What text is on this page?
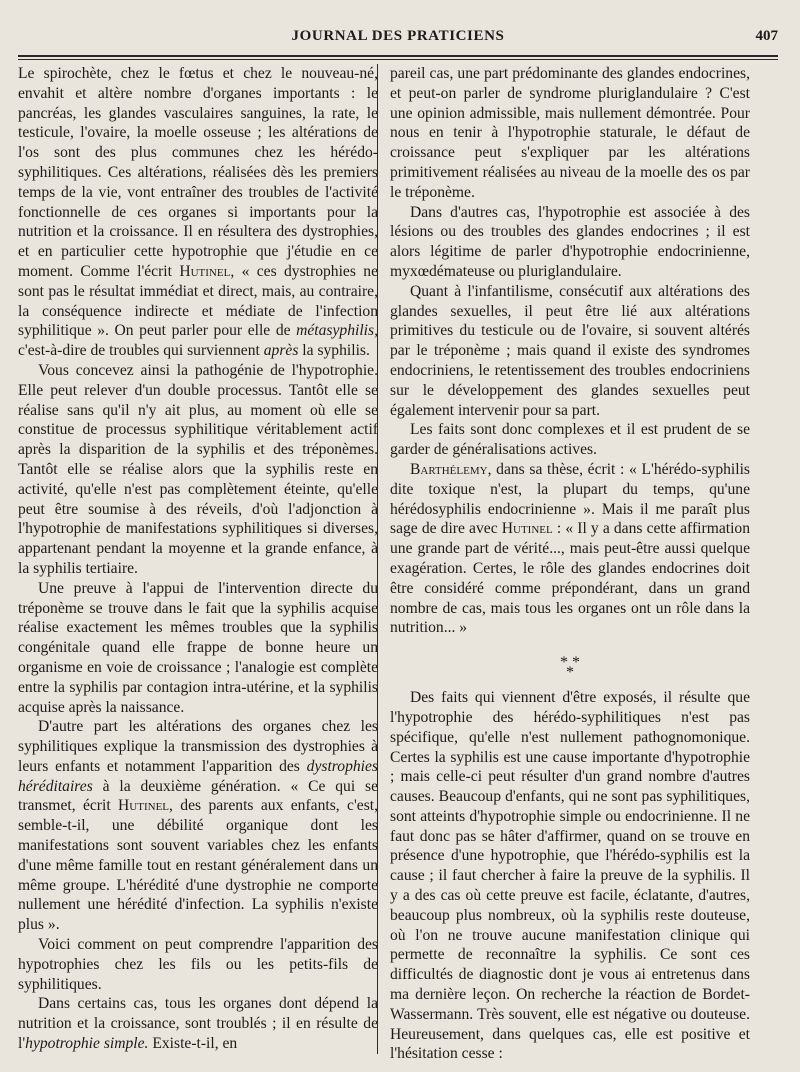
JOURNAL DES PRATICIENS	407

Le spirochète, chez le fœtus et chez le nouveau-né, envahit et altère nombre d'organes importants : le pancréas, les glandes vasculaires sanguines, la rate, le testicule, l'ovaire, la moelle osseuse ; les altérations de l'os sont des plus communes chez les hérédo-syphilitiques. Ces altérations, réalisées dès les premiers temps de la vie, vont entraîner des troubles de l'activité fonctionnelle de ces organes si importants pour la nutrition et la croissance. Il en résultera des dystrophies, et en particulier cette hypotrophie que j'étudie en ce moment. Comme l'écrit Hutinel, « ces dystrophies ne sont pas le résultat immédiat et direct, mais, au contraire, la conséquence indirecte et médiate de l'infection syphilitique ». On peut parler pour elle de métasyphilis, c'est-à-dire de troubles qui surviennent après la syphilis.

Vous concevez ainsi la pathogénie de l'hypotrophie. Elle peut relever d'un double processus. Tantôt elle se réalise sans qu'il n'y ait plus, au moment où elle se constitue de processus syphilitique véritablement actif après la disparition de la syphilis et des tréponèmes. Tantôt elle se réalise alors que la syphilis reste en activité, qu'elle n'est pas complètement éteinte, qu'elle peut être soumise à des réveils, d'où l'adjonction à l'hypotrophie de manifestations syphilitiques si diverses, appartenant pendant la moyenne et la grande enfance, à la syphilis tertiaire.

Une preuve à l'appui de l'intervention directe du tréponème se trouve dans le fait que la syphilis acquise réalise exactement les mêmes troubles que la syphilis congénitale quand elle frappe de bonne heure un organisme en voie de croissance ; l'analogie est complète entre la syphilis par contagion intra-utérine, et la syphilis acquise après la naissance.

D'autre part les altérations des organes chez les syphilitiques explique la transmission des dystrophies à leurs enfants et notamment l'apparition des dystrophies héréditaires à la deuxième génération. « Ce qui se transmet, écrit Hutinel, des parents aux enfants, c'est, semble-t-il, une débilité organique dont les manifestations sont souvent variables chez les enfants d'une même famille tout en restant généralement dans un même groupe. L'hérédité d'une dystrophie ne comporte nullement une hérédité d'infection. La syphilis n'existe plus ».

Voici comment on peut comprendre l'apparition des hypotrophies chez les fils ou les petits-fils de syphilitiques.

Dans certains cas, tous les organes dont dépend la nutrition et la croissance, sont troublés ; il en résulte de l'hypotrophie simple. Existe-t-il, en

pareil cas, une part prédominante des glandes endocrines, et peut-on parler de syndrome pluriglandulaire ? C'est une opinion admissible, mais nullement démontrée. Pour nous en tenir à l'hypotrophie staturale, le défaut de croissance peut s'expliquer par les altérations primitivement réalisées au niveau de la moelle des os par le tréponème.

Dans d'autres cas, l'hypotrophie est associée à des lésions ou des troubles des glandes endocrines ; il est alors légitime de parler d'hypotrophie endocrinienne, myxœdémateuse ou pluriglandulaire.

Quant à l'infantilisme, consécutif aux altérations des glandes sexuelles, il peut être lié aux altérations primitives du testicule ou de l'ovaire, si souvent altérés par le tréponème ; mais quand il existe des syndromes endocriniens, le retentissement des troubles endocriniens sur le développement des glandes sexuelles peut également intervenir pour sa part.

Les faits sont donc complexes et il est prudent de se garder de généralisations actives.

Barthélemy, dans sa thèse, écrit : « L'hérédo-syphilis dite toxique n'est, la plupart du temps, qu'une hérédosyphilis endocrinienne ». Mais il me paraît plus sage de dire avec Hutinel : « Il y a dans cette affirmation une grande part de vérité..., mais peut-être aussi quelque exagération. Certes, le rôle des glandes endocrines doit être considéré comme prépondérant, dans un grand nombre de cas, mais tous les organes ont un rôle dans la nutrition... »

* *
*

Des faits qui viennent d'être exposés, il résulte que l'hypotrophie des hérédo-syphilitiques n'est pas spécifique, qu'elle n'est nullement pathognomonique. Certes la syphilis est une cause importante d'hypotrophie ; mais celle-ci peut résulter d'un grand nombre d'autres causes. Beaucoup d'enfants, qui ne sont pas syphilitiques, sont atteints d'hypotrophie simple ou endocrinienne. Il ne faut donc pas se hâter d'affirmer, quand on se trouve en présence d'une hypotrophie, que l'hérédo-syphilis est la cause ; il faut chercher à faire la preuve de la syphilis. Il y a des cas où cette preuve est facile, éclatante, d'autres, beaucoup plus nombreux, où la syphilis reste douteuse, où l'on ne trouve aucune manifestation clinique qui permette de reconnaître la syphilis. Ce sont ces difficultés de diagnostic dont je vous ai entretenus dans ma dernière leçon. On recherche la réaction de Bordet-Wassermann. Très souvent, elle est négative ou douteuse. Heureusement, dans quelques cas, elle est positive et l'hésitation cesse :
